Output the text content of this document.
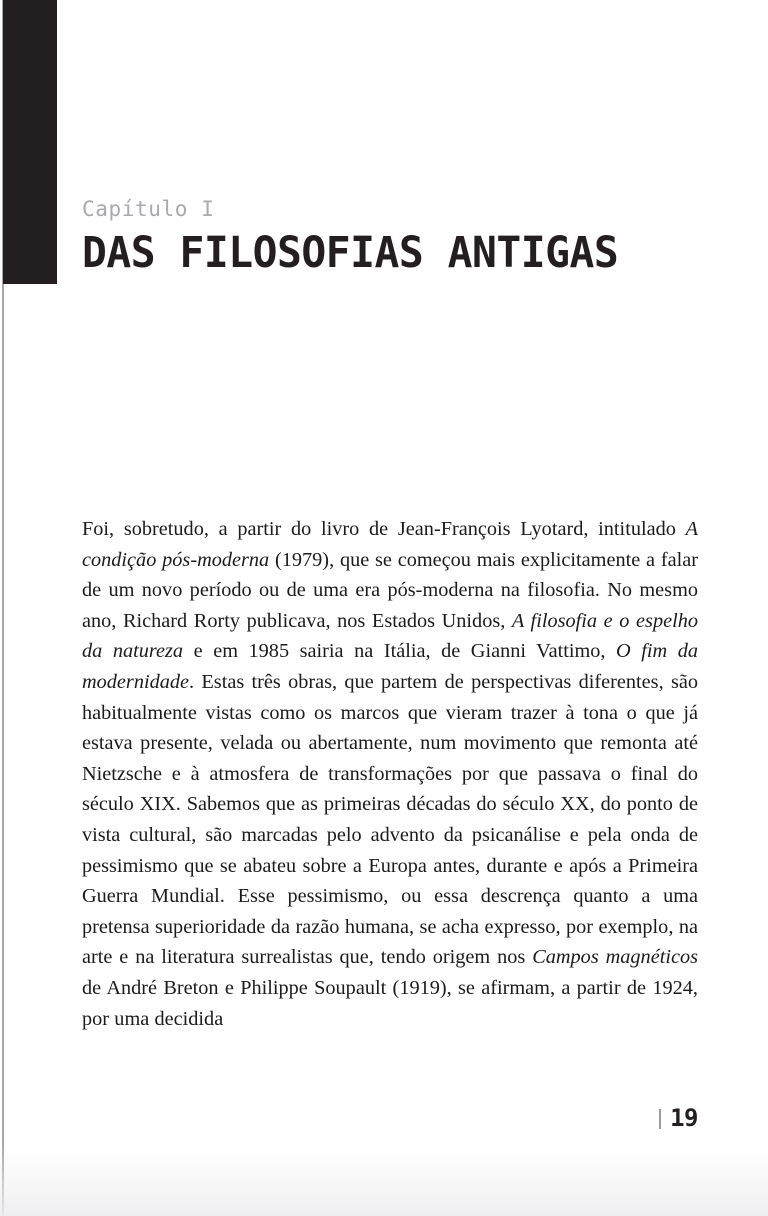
Capítulo I
DAS FILOSOFIAS ANTIGAS

Foi, sobretudo, a partir do livro de Jean-François Lyotard, intitulado A condição pós-moderna (1979), que se começou mais explicitamente a falar de um novo período ou de uma era pós-moderna na filosofia. No mesmo ano, Richard Rorty publicava, nos Estados Unidos, A filosofia e o espelho da natureza e em 1985 sairia na Itália, de Gianni Vattimo, O fim da modernidade. Estas três obras, que partem de perspectivas diferentes, são habitualmente vistas como os marcos que vieram trazer à tona o que já estava presente, velada ou abertamente, num movimento que remonta até Nietzsche e à atmosfera de transformações por que passava o final do século XIX. Sabemos que as primeiras décadas do século XX, do ponto de vista cultural, são marcadas pelo advento da psicanálise e pela onda de pessimismo que se abateu sobre a Europa antes, durante e após a Primeira Guerra Mundial. Esse pessimismo, ou essa descrença quanto a uma pretensa superioridade da razão humana, se acha expresso, por exemplo, na arte e na literatura surrealistas que, tendo origem nos Campos magnéticos de André Breton e Philippe Soupault (1919), se afirmam, a partir de 1924, por uma decidida

19
